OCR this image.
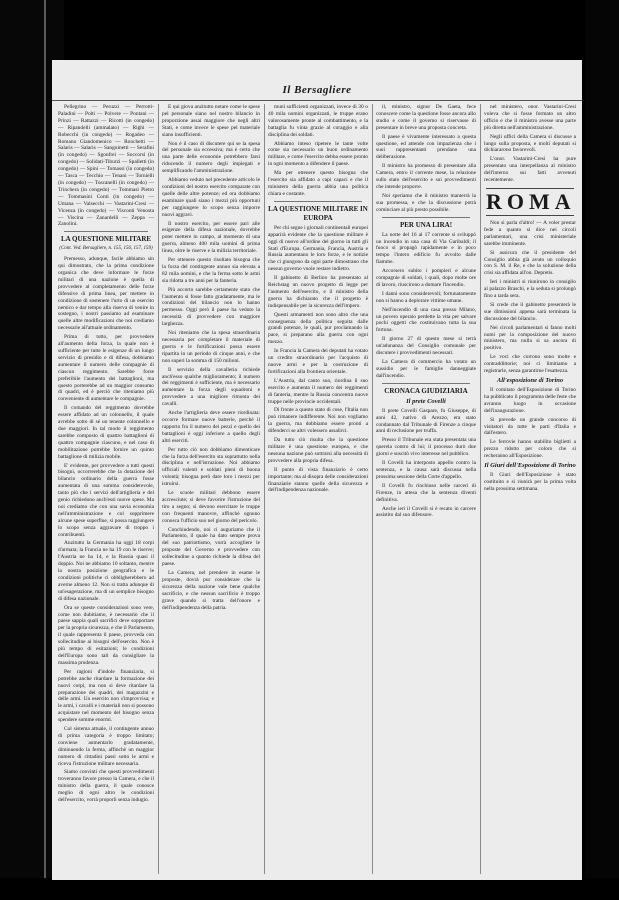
Il Bersagliere

Pellegrino — Peruzzi — Perrotti-Paladini — Polti — Polvere — Pontani — Prinzi — Rattazzi — Ricotti (in congedo) — Ripandelli (ammalato) — Righi — Robecchi (in congedo) — Rogadeo — Romano Giandomenico — Ronchetti — Salaris — Salaris — Sanguinetti — Serafini (in congedo) — Sgonfrei — Soccorsi (in congedo) — Solidati-Tiburzi — Spalletti (in congedo) — Spini — Tomassi (in congedo) — Tasca — Tecchio — Tenani — Tornielli (in congedo) — Toscanelli (in congedo) — Trinchera (in congedo) — Tommasi Pietro — Tommasini Conti (in congedo) — Umana — Valsecchi — Vastarini-Cresi — Vicenza (in congedo) — Visconti Venosta — Viscina — Zanardelli — Zeppa — Zanolini.

LA QUESTIONE MILITARE
(Cont. Ved. Bersagliere, n. 155, 156, 157, 159)

Premesso, adunque, facile abbiamo sin qui dimostrato, che la prima condizione organica che deve informare le forze militari di una nazione è quella di provvedere al completamento delle forze difensive di prima linea, per mettere in condizione di sostenere l'urto di un esercito nemico e dar tempo alla riserva di venire in sostegno, i nostri passiamo ad esaminare quelle altre modificazioni che noi crediamo necessarie all'attuale ordinamento.

Prima di tutto, per provvedere all'aumento della forza, la quale non è sufficiente per tutte le esigenze di un lungo servizio di presidio e di difesa, dobbiamo aumentare il numero delle compagnie di ciascun reggimento. Sarebbe forse preferibile l'aumento dei battaglioni, ma questo porterebbe ad un maggior consumo di quadri, ed è perciò che riteniamo più conveniente di aumentare le compagnie.

Il comando del reggimento dovrebbe essere affidato ad un colonnello, il quale avrebbe sotto di sé un tenente colonnello e due maggiori. In tal modo il reggimento sarebbe composto di quattro battaglioni di quattro compagnie ciascuno, e nel caso di mobilitazione potrebbe fornire un quinto battaglione di milizia mobile.

E' evidente, per provvedere a tutti questi bisogni, occorrerebbe che la dotazione del bilancio ordinario della guerra fosse aumentata di una somma considerevole, tanto più che i servizi dell'artiglieria e del genio richiedono anch'essi nuove spese. Ma noi crediamo che con una savia economia nell'amministrazione e col sopprimere alcune spese superflue, si possa raggiungere lo scopo senza aggravare di troppo i contribuenti.

Anzitutto la Germania ha oggi 18 corpi d'armata; la Francia ne ha 19 con le riserve; l'Austria ne ha 14, e la Russia quasi il doppio. Noi ne abbiamo 10 soltanto, mentre la nostra posizione geografica e le condizioni politiche ci obbligherebbero ad averne almeno 12. Non si tratta adunque di un'esagerazione, ma di un semplice bisogno di difesa nazionale.

Ora se queste considerazioni sono vere, come non dubitiamo, è necessario che il paese sappia quali sacrifici deve sopportare per la propria sicurezza, e che il Parlamento, il quale rappresenta il paese, provveda con sollecitudine ai bisogni dell'esercito. Non è più tempo di esitazioni; le condizioni dell'Europa sono tali da consigliare la massima prudenza.

Per ragioni d'indole finanziaria, si potrebbe anche ritardare la formazione dei nuovi corpi, ma non si deve ritardare la preparazione dei quadri, dei magazzini e delle armi. Un esercito non s'improvvisa; e le armi, i cavalli e i materiali non si possono acquistare nel momento del bisogno senza spendere somme enormi.

Col sistema attuale, il contingente annuo di prima categoria è troppo limitato; conviene aumentarlo gradatamente, diminuendo la ferma, affinchè un maggior numero di cittadini passi sotto le armi e riceva l'istruzione militare necessaria.

Siamo convinti che questi provvedimenti troveranno favore presso la Camera, e che il ministro della guerra, il quale conosce meglio di ogni altro le condizioni dell'esercito, vorrà proporli senza indugio.

E qui giova anzitutto notare come le spese pel personale siano nel nostro bilancio in proporzione assai maggiore che negli altri Stati, e come invece le spese pel materiale siano insufficienti.

Non è il caso di discutere qui se la spesa del personale sia eccessiva; ma è certo che una parte delle economie potrebbero farsi riducendo il numero degli impiegati e semplificando l'amministrazione.

Abbiamo veduto nel precedente articolo le condizioni del nostro esercito comparate con quelle delle altre potenze; ed ora dobbiamo esaminare quali siano i mezzi più opportuni per raggiungere lo scopo senza imporre nuovi aggravi.

Il nostro esercito, per essere pari alle esigenze della difesa nazionale, dovrebbe poter mettere in campo, al momento di una guerra, almeno 400 mila uomini di prima linea, oltre le riserve e la milizia territoriale.

Per ottenere questo risultato bisogna che la forza del contingente annuo sia elevata a 82 mila uomini, e che la ferma sotto le armi sia ridotta a tre anni per la fanteria.

Più accorto sarebbe certamente stato che l'aumento si fosse fatto gradatamente, ma le condizioni del bilancio non lo hanno permesso. Oggi però il paese ha veduto la necessità di provvedere con maggiore larghezza.

Noi riteniamo che la spesa straordinaria necessaria per completare il materiale di guerra e le fortificazioni possa essere ripartita in un periodo di cinque anni, e che non superi la somma di 150 milioni.

Il servizio della cavalleria richiede anch'esso qualche miglioramento; il numero dei reggimenti è sufficiente, ma è necessario aumentare la forza degli squadroni e provvedere a una migliore rimonta dei cavalli.

Anche l'artiglieria deve essere riordinata: occorre formare nuove batterie, perchè il rapporto fra il numero dei pezzi e quello dei battaglioni è oggi inferiore a quello degli altri eserciti.

Per tutto ciò non dobbiamo dimenticare che la forza dell'esercito sta soprattutto nella disciplina e nell'istruzione. Noi abbiamo ufficiali valenti e soldati pieni di buona volontà; bisogna però dare loro i mezzi per istruirsi.

Le scuole militari debbono essere accresciute; si deve favorire l'istruzione del tiro a segno; si devono esercitare le truppe con frequenti manovre, affinchè ognuno conosca l'ufficio suo nel giorno del pericolo.

Conchiudendo, noi ci auguriamo che il Parlamento, il quale ha dato sempre prova del suo patriottismo, vorrà accogliere le proposte del Governo e provvedere con sollecitudine a quanto richiede la difesa del paese.

La Camera, nel prendere in esame le proposte, dovrà pur considerare che la sicurezza della nazione vale bene qualche sacrificio, e che nessun sacrificio è troppo grave quando si tratta dell'onore e dell'indipendenza della patria.

munì sufficienti organizzati, invece di 30 o 40 mila uomini organizzati, le truppe erano valorosamente pronte al combattimento, e la battaglia fu vinta grazie al coraggio e alla disciplina dei soldati.

Abbiamo inteso ripetere le tante volte come sia necessario un buon ordinamento militare, e come l'esercito debba essere pronto in ogni momento a difendere il paese.

Ma per ottenere questo bisogna che l'esercito sia affidato a capi capaci e che il ministero della guerra abbia una politica chiara e costante.

LA QUESTIONE MILITARE IN EUROPA

Per chi segue i giornali continentali europei apparirà evidente che la questione militare è oggi di nuovo all'ordine del giorno in tutti gli Stati d'Europa. Germania, Francia, Austria e Russia aumentano le loro forze, e le notizie che ci giungono da ogni parte dimostrano che nessun governo vuole restare indietro.

Il gabinetto di Berlino ha presentato al Reichstag un nuovo progetto di legge per l'aumento dell'esercito, e il ministro della guerra ha dichiarato che il progetto è indispensabile per la sicurezza dell'impero.

Questi armamenti non sono altro che una conseguenza della politica seguita dalle grandi potenze, le quali, pur proclamando la pace, si preparano alla guerra con ogni mezzo.

In Francia la Camera dei deputati ha votato un credito straordinario per l'acquisto di nuove armi e per la costruzione di fortificazioni alla frontiera orientale.

L'Austria, dal canto suo, riordina il suo esercito e aumenta il numero dei reggimenti di fanteria, mentre la Russia concentra nuove truppe nelle provincie occidentali.

Di fronte a questo stato di cose, l'Italia non può rimanere indifferente. Noi non vogliamo la guerra, ma dobbiamo essere pronti a difenderci se altri volessero assalirci.

Da tutto ciò risulta che la questione militare è una questione europea, e che nessuna nazione può sottrarsi alla necessità di provvedere alla propria difesa.

Il punto di vista finanziario è certo importante; ma al disopra delle considerazioni finanziarie stanno quelle della sicurezza e dell'indipendenza nazionale.

il, ministro, signor De Gaeta, fece conoscere come la questione fosse ancora allo studio e come il governo si riservasse di presentare in breve una proposta concreta.

Il paese è vivamente interessato a questa questione, ed attende con impazienza che i suoi rappresentanti prendano una deliberazione.

Il ministro ha promesso di presentare alla Camera, entro il corrente mese, la relazione sullo stato dell'esercito e sui provvedimenti che intende proporre.

Noi speriamo che il ministro manterrà la sua promessa, e che la discussione potrà cominciare al più presto possibile.

PER UNA LIRA!

La notte del 16 al 17 corrente si sviluppò un incendio in una casa di Via Garibaldi; il fuoco si propagò rapidamente e in poco tempo l'intero edificio fu avvolto dalle fiamme.

Accorsero subito i pompieri e alcune compagnie di soldati, i quali, dopo molte ore di lavoro, riuscirono a domare l'incendio.

I danni sono considerevoli; fortunatamente non si hanno a deplorare vittime umane.

Nell'incendio di una casa presso Milano, un povero operaio perdette la vita per salvare pochi oggetti che costituivano tutta la sua fortuna.

Il giorno 27 di questo mese si terrà un'adunanza del Consiglio comunale per discutere i provvedimenti necessari.

La Camera di commercio ha votato un sussidio per le famiglie danneggiate dall'incendio.

CRONACA GIUDIZIARIA
Il prete Covelli

Il prete Covelli Gaspare, fu Giuseppe, di anni 42, nativo di Arezzo, era stato condannato dal Tribunale di Firenze a cinque anni di reclusione per truffa.

Presso il Tribunale era stata presentata una querela contro di lui; il processo durò due giorni e suscitò vivo interesse nel pubblico.

Il Covelli ha interposto appello contro la sentenza, e la causa sarà discussa nella prossima sessione della Corte d'appello.

Il Covelli fu rinchiuso nelle carceri di Firenze, in attesa che la sentenza diventi definitiva.

Anche ieri il Covelli si è recato in carcere assistito dal suo difensore.

nel ministero, onor. Vastarini-Cresi voleva che si fosse formato un altro ufficio e che il ministro avesse una parte più diretta nell'amministrazione.

Negli uffici della Camera si discusse a lungo sulla proposta, e molti deputati si dichiararono favorevoli.

L'onor. Vastarini-Cresi ha pure presentato una interpellanza al ministro dell'interno sui fatti avvenuti recentemente.

ROMA

Non si parla d'altro! — A voler prestar fede a quanto si dice nei circoli parlamentari, una crisi ministeriale sarebbe imminente.

Si assicura che il presidente del Consiglio abbia già avuto un colloquio con S. M. il Re, e che la soluzione della crisi sia affidata all'on. Depretis.

Ieri i ministri si riunirono in consiglio al palazzo Braschi, e la seduta si prolungò fino a tarda sera.

Si crede che il gabinetto presenterà le sue dimissioni appena sarà terminata la discussione del bilancio.

Nei circoli parlamentari si fanno molti nomi per la composizione del nuovo ministero, ma nulla si sa ancora di positivo.

Le voci che corrono sono molte e contraddittorie; noi ci limitiamo a registrarle, senza garantirne l'esattezza.

All'esposizione di Torino

Il comitato dell'Esposizione di Torino ha pubblicato il programma delle feste che avranno luogo in occasione dell'inaugurazione.

Si prevede un grande concorso di visitatori da tutte le parti d'Italia e dall'estero.

Le ferrovie hanno stabilito biglietti a prezzo ridotto per coloro che si recheranno all'Esposizione.

Il Giuri dell'Esposizione di Torino

Il Giuri dell'Esposizione è stato costituito e si riunirà per la prima volta nella prossima settimana.
